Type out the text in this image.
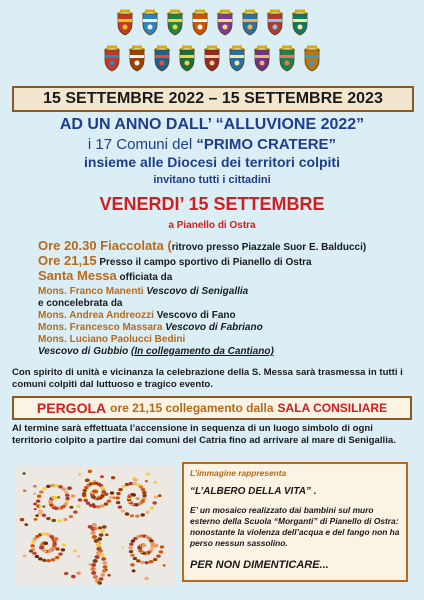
15 SETTEMBRE 2022 – 15 SETTEMBRE 2023
AD UN ANNO DALL’ “ALLUVIONE 2022”
i 17 Comuni del “PRIMO CRATERE”
insieme alle Diocesi dei territori colpiti
invitano tutti i cittadini
VENERDI’ 15 SETTEMBRE
a Pianello di Ostra
Ore 20.30 Fiaccolata (ritrovo presso Piazzale Suor E. Balducci)
Ore 21,15 Presso il campo sportivo di Pianello di Ostra
Santa Messa officiata da
Mons. Franco Manenti Vescovo di Senigallia
e concelebrata da
Mons. Andrea Andreozzi Vescovo di Fano
Mons. Francesco Massara Vescovo di Fabriano
Mons. Luciano Paolucci Bedini
Vescovo di Gubbio (In collegamento da Cantiano)
Con spirito di unità e vicinanza la celebrazione della S. Messa sarà trasmessa in tutti i comuni colpiti dal luttuoso e tragico evento.
PERGOLA ore 21,15 collegamento dalla SALA CONSILIARE
Al termine sarà effettuata l’accensione in sequenza di un luogo simbolo di ogni territorio colpito a partire dai comuni del Catria fino ad arrivare al mare di Senigallia.

L’immagine rappresenta

“L’ALBERO DELLA VITA” .

E’ un mosaico realizzato dai bambini sul muro esterno della Scuola “Morganti” di Pianello di Ostra: nonostante la violenza dell’acqua e del fango non ha perso nessun sassolino.

PER NON DIMENTICARE...
